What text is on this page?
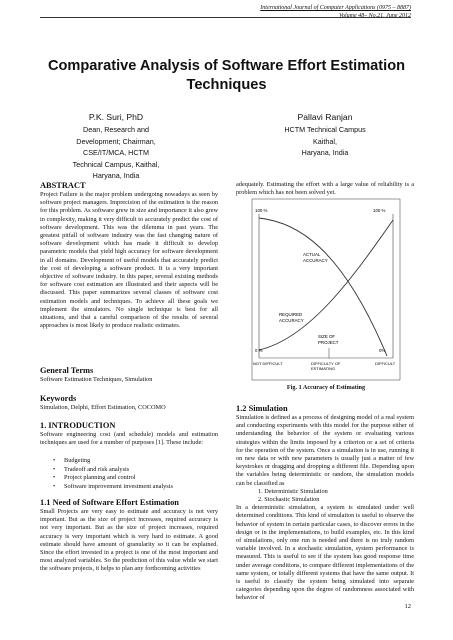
International Journal of Computer Applications (0975 – 8887)
Volume 48– No.21, June 2012
Comparative Analysis of Software Effort Estimation
Techniques
P.K. Suri, PhD
Dean, Research and
Development; Chairman,
CSE/IT/MCA, HCTM
Technical Campus, Kaithal,
Haryana, India
Pallavi Ranjan
HCTM Technical Campus
Kaithal,
Haryana, India
ABSTRACT

Project Failure is the major problem undergoing nowadays as seen by software project managers. Imprecision of the estimation is the reason for this problem. As software grew in size and importance it also grew in complexity, making it very difficult to accurately predict the cost of software development. This was the dilemma in past years. The greatest pitfall of software industry was the fast changing nature of software development which has made it difficult to develop parametric models that yield high accuracy for software development in all domains. Development of useful models that accurately predict the cost of developing a software product. It is a very important objective of software industry. In this paper, several existing methods for software cost estimation are illustrated and their aspects will be discussed. This paper summarizes several classes of software cost estimation models and techniques. To achieve all these goals we implement the simulators. No single technique is best for all situations, and that a careful comparison of the results of several approaches is most likely to produce realistic estimates.

General Terms

Software Estimation Techniques, Simulation

Keywords

Simulation, Delphi, Effort Estimation, COCOMO

1. INTRODUCTION

Software engineering cost (and schedule) models and estimation techniques are used for a number of purposes [1]. These include:

• Budgeting
• Tradeoff and risk analysis
• Project planning and control
• Software improvement investment analysis
1.1 Need of Software Effort Estimation

Small Projects are very easy to estimate and accuracy is not very important. But as the size of project increases, required accuracy is not very important. But as the size of project increases, required accuracy is very important which is very hard to estimate. A good estimate should have amount of granularity so it can be explained. Since the effort invested in a project is one of the most important and most analyzed variables. So the prediction of this value while we start the software projects, it helps to plan any forthcoming activities

adequately. Estimating the effort with a large value of reliability is a problem which has not been solved yet.

100 %	100 %
ACTUAL
ACCURACY
REQUIRED
ACCURACY
SIZE OF
PROJECT
0 %	0%
NOT DIFFICULT	DIFFICULTY OF
ESTIMATING
DIFFICULT
Fig. 1 Accuracy of Estimating
1.2 Simulation

Simulation is defined as a process of designing model of a real system and conducting experiments with this model for the purpose either of understanding the behavior of the system or evaluating various strategies within the limits imposed by a criterion or a set of criteria for the operation of the system. Once a simulation is in use, running it on new data or with new parameters is usually just a matter of few keystrokes or dragging and dropping a different file. Depending upon the variables being deterministic or random, the simulation models can be classified as

1. Deterministic Simulation
2. Stochastic Simulation

In a deterministic simulation, a system is simulated under well determined conditions. This kind of simulation is useful to observe the behavior of system in certain particular cases, to discover errors in the design or in the implementations, to build examples, etc. In this kind of simulations, only one run is needed and there is no truly random variable involved. In a stochastic simulation, system performance is measured. This is useful to see if the system has good response time under average conditions, to compare different implementations of the same system, or totally different systems that have the same output. It is useful to classify the system being simulated into separate categories depending upon the degree of randomness associated with behavior of

12
